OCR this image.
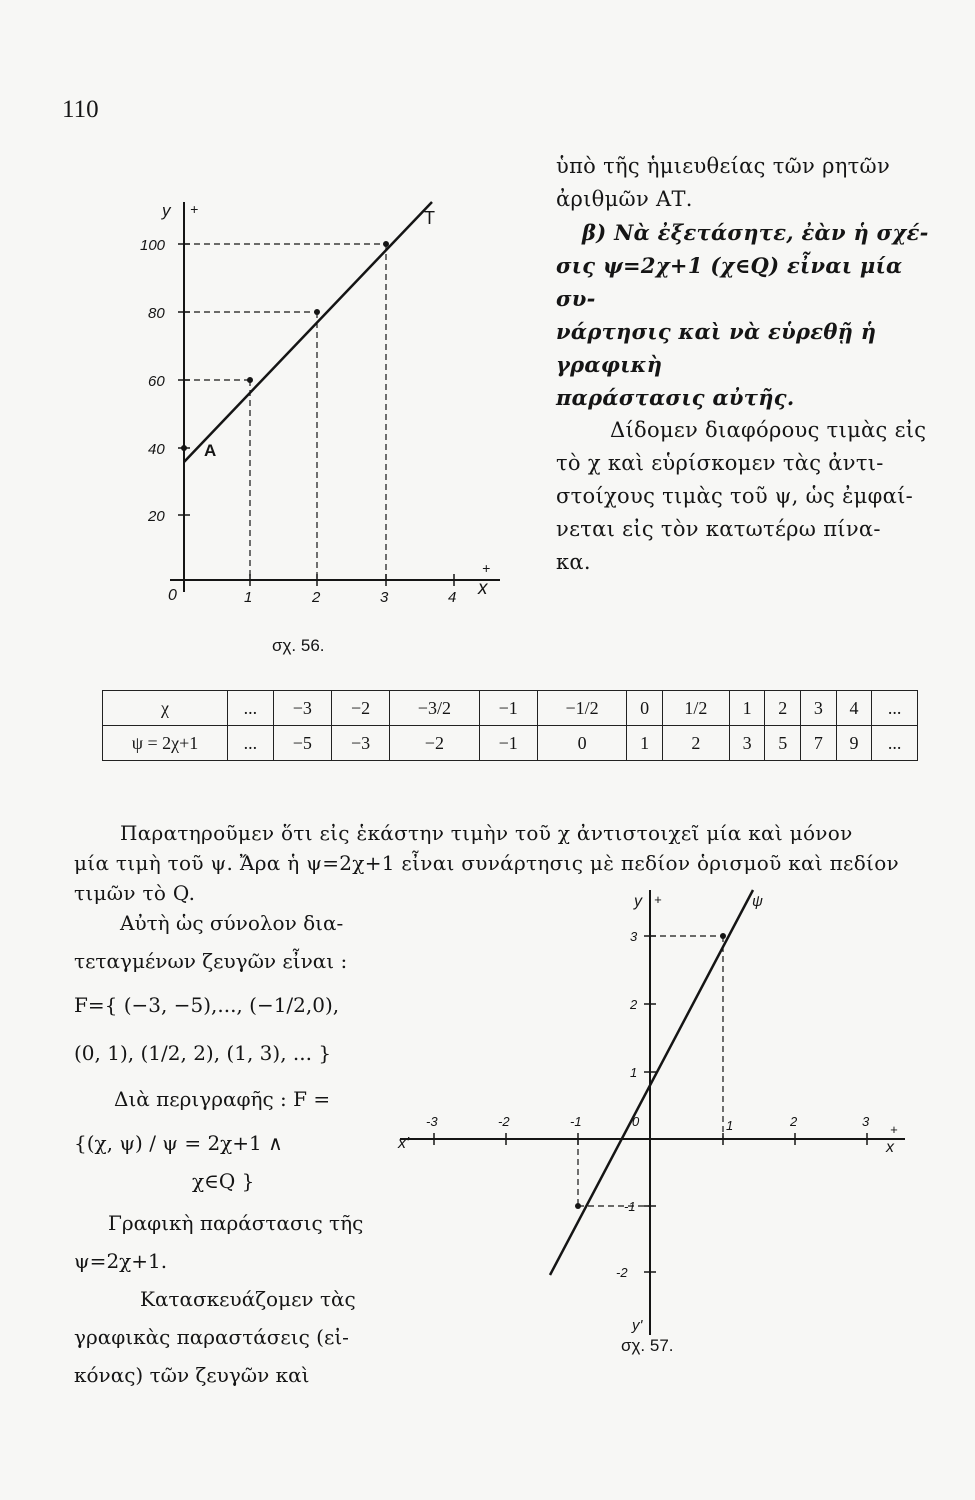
110
ὑπὸ τῆς ἡμιευθείας τῶν ρητῶν
ἀριθμῶν ΑΤ.
β) Νὰ ἐξετάσητε, ἐὰν ἡ σχέ-
σις ψ=2χ+1 (χ∈Q) εἶναι μία συ-
νάρτησις καὶ νὰ εὑρεθῇ ἡ γραφικὴ
παράστασις αὐτῆς.
Δίδομεν διαφόρους τιμὰς εἰς
τὸ χ καὶ εὑρίσκομεν τὰς ἀντι-
στοίχους τιμὰς τοῦ ψ, ὡς ἐμφαί-
νεται εἰς τὸν κατωτέρω πίνα-
κα.
y +	T
A
100
80
60
40
20
0	1	2	3	4
+
x
σχ. 56.
χ	...	−3	−2	−3/2	−1	−1/2	0	1/2	1	2	3	4	...
ψ = 2χ+1	...	−5	−3	−2	−1	0	1	2	3	5	7	9	...
Παρατηροῦμεν ὅτι εἰς ἑκάστην τιμὴν τοῦ χ ἀντιστοιχεῖ μία καὶ μόνον
μία τιμὴ τοῦ ψ. Ἄρα ἡ ψ=2χ+1 εἶναι συνάρτησις μὲ πεδίον ὁρισμοῦ καὶ πεδίον
τιμῶν τὸ Q.
Αὐτὴ ὡς σύνολον δια-
τεταγμένων ζευγῶν εἶναι :
F={ (−3, −5),..., (−1/2,0),
(0, 1), (1/2, 2), (1, 3), ... }
Διὰ περιγραφῆς : F =
{(χ, ψ) / ψ = 2χ+1 ∧
χ∈Q }
Γραφικὴ παράστασις τῆς
ψ=2χ+1.
Κατασκευάζομεν τὰς
γραφικὰς παραστάσεις (εἰ-
κόνας) τῶν ζευγῶν καὶ
y +	ψ
3
2
1
-1
-2
-3	-2	-1	0	1	2	3
+
x
x'
y'
σχ. 57.
